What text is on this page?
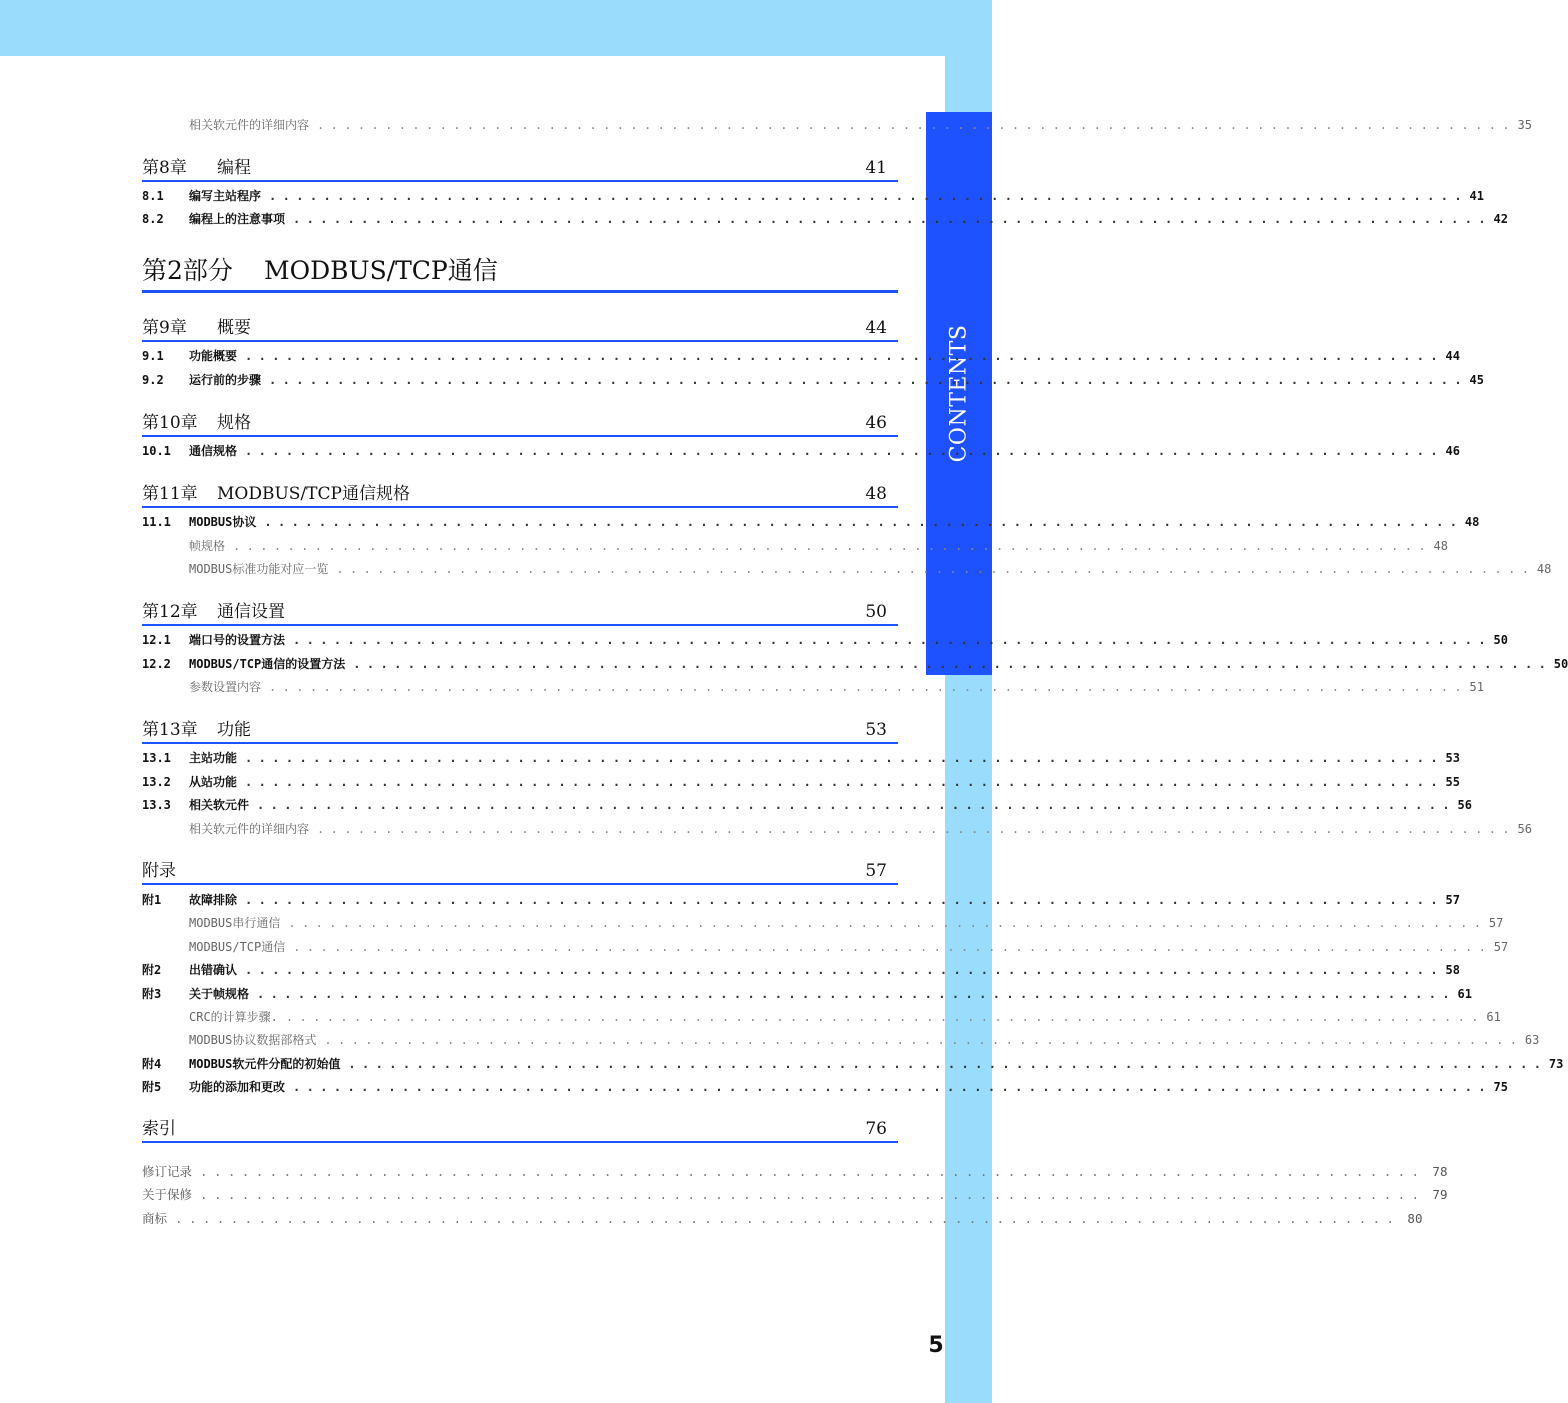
CONTENTS
相关软元件的详细内容 ........................................................................................ 35
第8章	编程	41
8.1	编写主站程序 ........................................................................................ 41
8.2	编程上的注意事项 ........................................................................................ 42
第2部分	MODBUS/TCP通信
第9章	概要	44
9.1	功能概要 ........................................................................................ 44
9.2	运行前的步骤 ........................................................................................ 45
第10章	规格	46
10.1	通信规格 ........................................................................................ 46
第11章	MODBUS/TCP通信规格	48
11.1	MODBUS协议 ........................................................................................ 48
帧规格 ........................................................................................ 48
MODBUS标准功能对应一览 ........................................................................................ 48
第12章	通信设置	50
12.1	端口号的设置方法 ........................................................................................ 50
12.2	MODBUS/TCP通信的设置方法 ........................................................................................ 50
参数设置内容 ........................................................................................ 51
第13章	功能	53
13.1	主站功能 ........................................................................................ 53
13.2	从站功能 ........................................................................................ 55
13.3	相关软元件 ........................................................................................ 56
相关软元件的详细内容 ........................................................................................ 56
附录	57
附1	故障排除 ........................................................................................ 57
MODBUS串行通信 ........................................................................................ 57
MODBUS/TCP通信 ........................................................................................ 57
附2	出错确认 ........................................................................................ 58
附3	关于帧规格 ........................................................................................ 61
CRC的计算步骤. ........................................................................................ 61
MODBUS协议数据部格式 ........................................................................................ 63
附4	MODBUS软元件分配的初始值 ........................................................................................ 73
附5	功能的添加和更改 ........................................................................................ 75
索引	76
修订记录 ........................................................................................ 78
关于保修 ........................................................................................ 79
商标 ........................................................................................ 80
5
